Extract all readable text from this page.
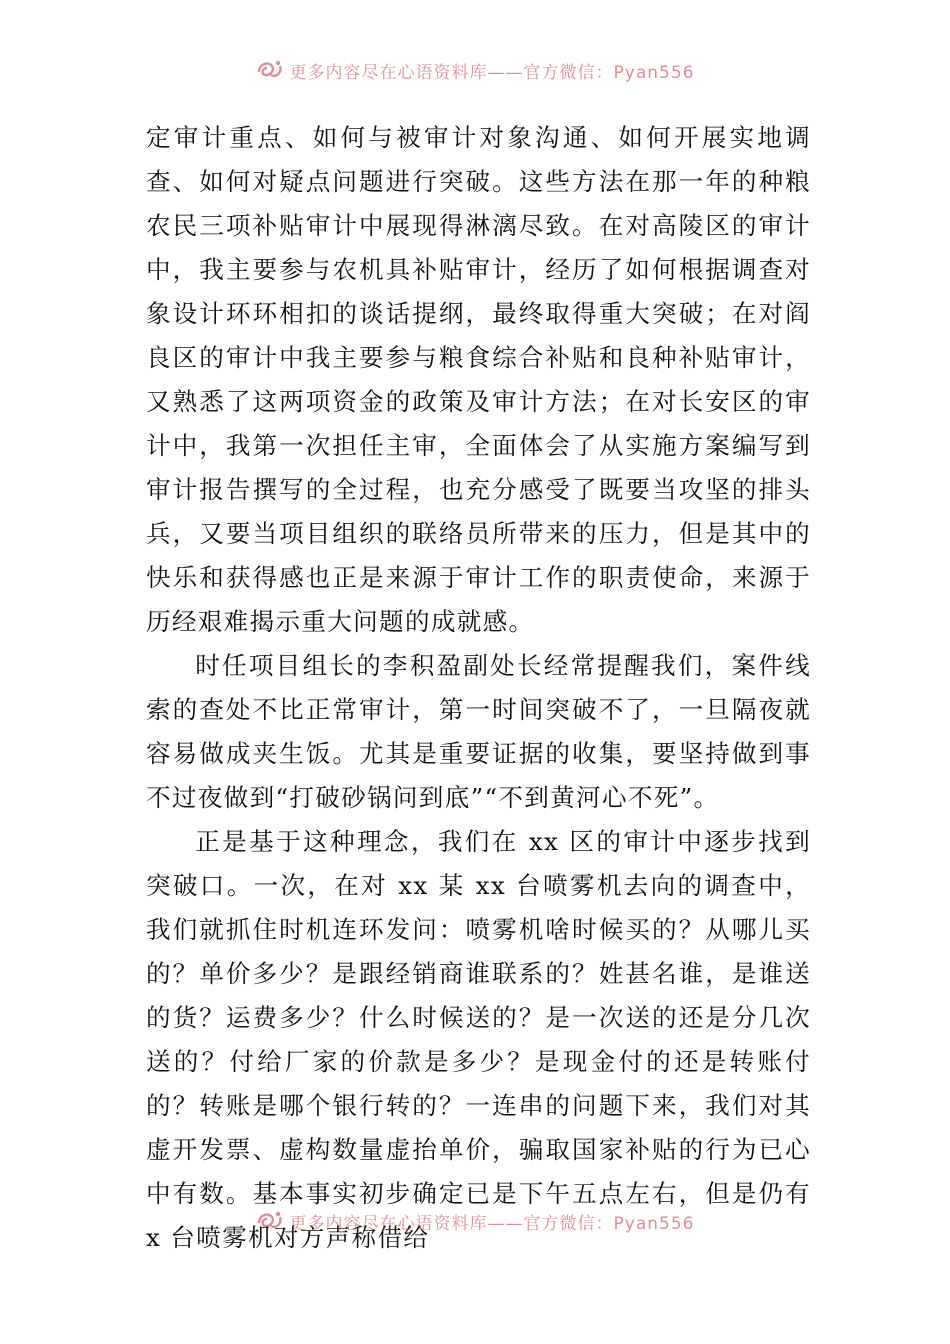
更多内容尽在心语资料库——官方微信：Pyan556

定审计重点、如何与被审计对象沟通、如何开展实地调查、如何对疑点问题进行突破。这些方法在那一年的种粮农民三项补贴审计中展现得淋漓尽致。在对高陵区的审计中，我主要参与农机具补贴审计，经历了如何根据调查对象设计环环相扣的谈话提纲，最终取得重大突破；在对阎良区的审计中我主要参与粮食综合补贴和良种补贴审计，又熟悉了这两项资金的政策及审计方法；在对长安区的审计中，我第一次担任主审，全面体会了从实施方案编写到审计报告撰写的全过程，也充分感受了既要当攻坚的排头兵，又要当项目组织的联络员所带来的压力，但是其中的快乐和获得感也正是来源于审计工作的职责使命，来源于历经艰难揭示重大问题的成就感。

时任项目组长的李积盈副处长经常提醒我们，案件线索的查处不比正常审计，第一时间突破不了，一旦隔夜就容易做成夹生饭。尤其是重要证据的收集，要坚持做到事不过夜做到“打破砂锅问到底”“不到黄河心不死”。

正是基于这种理念，我们在 xx 区的审计中逐步找到突破口。一次，在对 xx 某 xx 台喷雾机去向的调查中，我们就抓住时机连环发问：喷雾机啥时候买的？从哪儿买的？单价多少？是跟经销商谁联系的？姓甚名谁，是谁送的货？运费多少？什么时候送的？是一次送的还是分几次送的？付给厂家的价款是多少？是现金付的还是转账付的？转账是哪个银行转的？一连串的问题下来，我们对其虚开发票、虚构数量虚抬单价，骗取国家补贴的行为已心中有数。基本事实初步确定已是下午五点左右，但是仍有 x 台喷雾机对方声称借给

更多内容尽在心语资料库——官方微信：Pyan556
